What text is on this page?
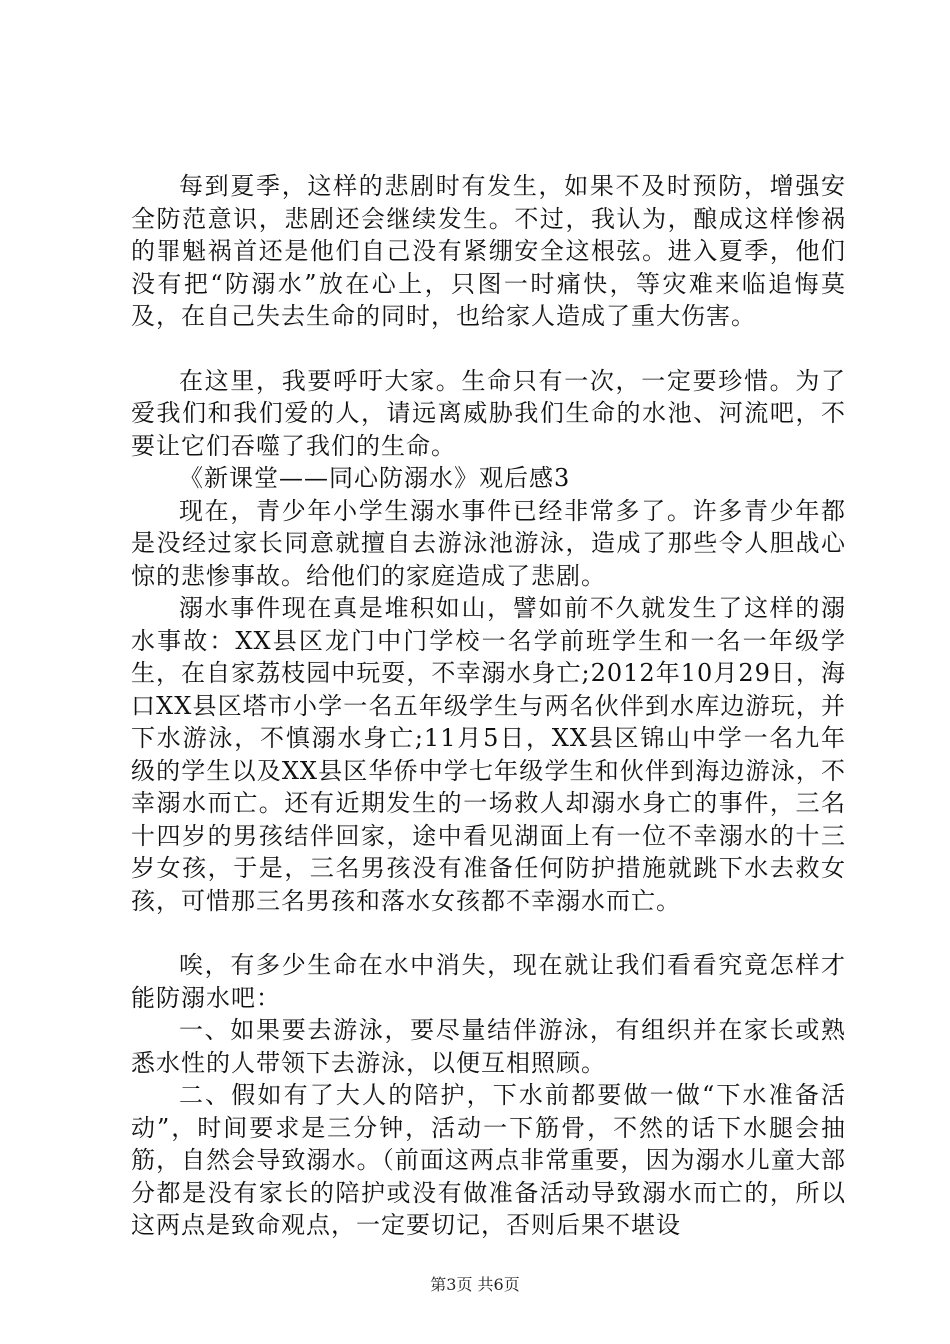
每到夏季，这样的悲剧时有发生，如果不及时预防，增强安全防范意识，悲剧还会继续发生。不过，我认为，酿成这样惨祸的罪魁祸首还是他们自己没有紧绷安全这根弦。进入夏季，他们没有把“防溺水”放在心上，只图一时痛快，等灾难来临追悔莫及，在自己失去生命的同时，也给家人造成了重大伤害。

在这里，我要呼吁大家。生命只有一次，一定要珍惜。为了爱我们和我们爱的人，请远离威胁我们生命的水池、河流吧，不要让它们吞噬了我们的生命。

《新课堂——同心防溺水》观后感3

现在，青少年小学生溺水事件已经非常多了。许多青少年都是没经过家长同意就擅自去游泳池游泳，造成了那些令人胆战心惊的悲惨事故。给他们的家庭造成了悲剧。

溺水事件现在真是堆积如山，譬如前不久就发生了这样的溺水事故：XX县区龙门中门学校一名学前班学生和一名一年级学生，在自家荔枝园中玩耍，不幸溺水身亡;2012年10月29日，海口XX县区塔市小学一名五年级学生与两名伙伴到水库边游玩，并下水游泳，不慎溺水身亡;11月5日，XX县区锦山中学一名九年级的学生以及XX县区华侨中学七年级学生和伙伴到海边游泳，不幸溺水而亡。还有近期发生的一场救人却溺水身亡的事件，三名十四岁的男孩结伴回家，途中看见湖面上有一位不幸溺水的十三岁女孩，于是，三名男孩没有准备任何防护措施就跳下水去救女孩，可惜那三名男孩和落水女孩都不幸溺水而亡。

唉，有多少生命在水中消失，现在就让我们看看究竟怎样才能防溺水吧：

一、如果要去游泳，要尽量结伴游泳，有组织并在家长或熟悉水性的人带领下去游泳，以便互相照顾。

二、假如有了大人的陪护，下水前都要做一做“下水准备活动”，时间要求是三分钟，活动一下筋骨，不然的话下水腿会抽筋，自然会导致溺水。（前面这两点非常重要，因为溺水儿童大部分都是没有家长的陪护或没有做准备活动导致溺水而亡的，所以这两点是致命观点，一定要切记，否则后果不堪设

第3页 共6页
